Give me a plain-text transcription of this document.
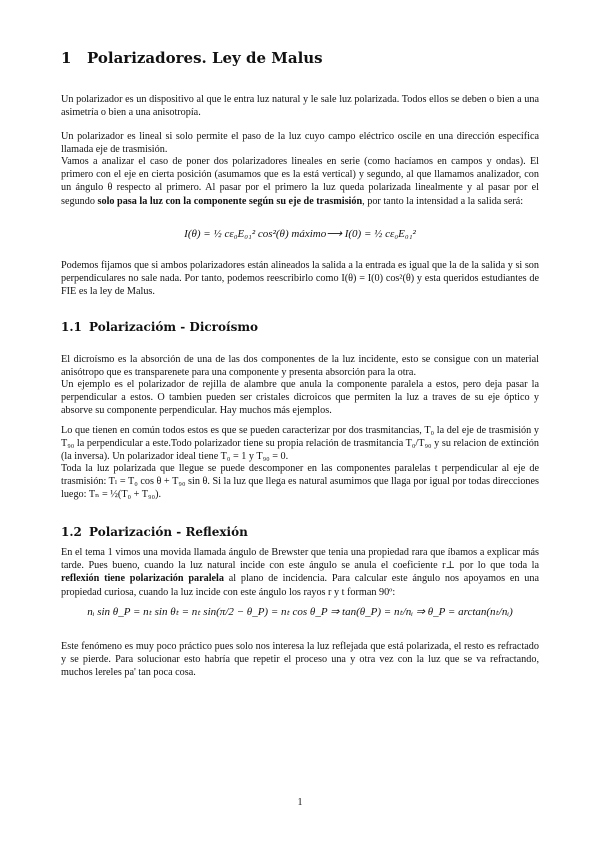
1 Polarizadores. Ley de Malus

Un polarizador es un dispositivo al que le entra luz natural y le sale luz polarizada. Todos ellos se deben o bien a una asimetría o bien a una anisotropía.

Un polarizador es lineal si solo permite el paso de la luz cuyo campo eléctrico oscile en una dirección específica llamada eje de trasmisión.

Vamos a analizar el caso de poner dos polarizadores lineales en serie (como hacíamos en campos y ondas). El primero con el eje en cierta posición (asumamos que es la está vertical) y segundo, al que llamamos analizador, con un ángulo θ respecto al primero. Al pasar por el primero la luz queda polarizada linealmente y al pasar por el segundo solo pasa la luz con la componente según su eje de trasmisión, por tanto la intensidad a la salida será:

I(θ) = ½ cε₀E₀₁² cos²(θ) máximo⟶ I(0) = ½ cε₀E₀₁²

Podemos fijamos que si ambos polarizadores están alineados la salida a la entrada es igual que la de la salida y si son perpendiculares no sale nada. Por tanto, podemos reescribirlo como I(θ) = I(0) cos²(θ) y esta queridos estudiantes de FIE es la ley de Malus.

1.1 Polarizacióm - Dicroísmo

El dicroísmo es la absorción de una de las dos componentes de la luz incidente, esto se consigue con un material anisótropo que es transparenete para una componente y presenta absorción para la otra.

Un ejemplo es el polarizador de rejilla de alambre que anula la componente paralela a estos, pero deja pasar la perpendicular a estos. O tambien pueden ser cristales dicroicos que permiten la luz a traves de su eje óptico y absorve su componente perpendicular. Hay muchos más ejemplos.

Lo que tienen en común todos estos es que se pueden caracterizar por dos trasmitancias, T₀ la del eje de trasmisión y T₉₀ la perpendicular a este.Todo polarizador tiene su propia relación de trasmitancia T₀/T₉₀ y su relacion de extinción (la inversa). Un polarizador ideal tiene T₀ = 1 y T₉₀ = 0.

Toda la luz polarizada que llegue se puede descomponer en las componentes paralelas t perpendicular al eje de trasmisión: Tₗ = T₀ cos θ + T₉₀ sin θ. Si la luz que llega es natural asumimos que llaga por igual por todas direcciones luego: Tₙ = ½(T₀ + T₉₀).

1.2 Polarización - Reflexión

En el tema 1 vimos una movida llamada ángulo de Brewster que tenia una propiedad rara que íbamos a explicar más tarde. Pues bueno, cuando la luz natural incide con este ángulo se anula el coeficiente r⊥ por lo que toda la reflexión tiene polarización paralela al plano de incidencia. Para calcular este ángulo nos apoyamos en una propiedad curiosa, cuando la luz incide con este ángulo los rayos r y t forman 90º:

nᵢ sin θ_P = nₜ sin θₜ = nₜ sin(π/2 − θ_P) = nₜ cos θ_P ⇒ tan(θ_P) = nₜ/nᵢ ⇒ θ_P = arctan(nₜ/nᵢ)

Este fenómeno es muy poco práctico pues solo nos interesa la luz reflejada que está polarizada, el resto es refractado y se pierde. Para solucionar esto habría que repetir el proceso una y otra vez con la luz que se va refractando, muchos lereles pa' tan poca cosa.

1
